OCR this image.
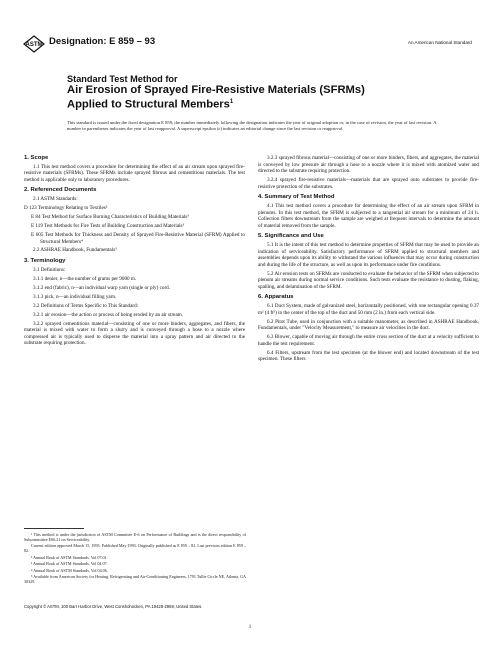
ASTM Designation: E 859 – 93	An American National Standard
Standard Test Method for
Air Erosion of Sprayed Fire-Resistive Materials (SFRMs)
Applied to Structural Members$^1$
This standard is issued under the fixed designation E 859; the number immediately following the designation indicates the year of original adoption or, in the case of revision, the year of last revision. A number in parentheses indicates the year of last reapproval. A superscript epsilon (ε) indicates an editorial change since the last revision or reapproval.
1. Scope

1.1 This test method covers a procedure for determining the effect of an air stream upon sprayed fire-resistive materials (SFRMs). These SFRMs include sprayed fibrous and cementitious materials. The test method is applicable only to laboratory procedures.

2. Referenced Documents

2.1 ASTM Standards:

D 123 Terminology Relating to Textiles²

E 84 Test Method for Surface Burning Characteristics of Building Materials³

E 119 Test Methods for Fire Tests of Building Construction and Materials³

E 605 Test Methods for Thickness and Density of Sprayed Fire-Resistive Material (SFRM) Applied to Structural Members⁴

2.2 ASHRAE Handbook, Fundamentals⁵

3. Terminology

3.1 Definitions:

3.1.1 denier, n—the number of grams per 9000 m.

3.1.2 end (fabric), n—an individual warp yarn (single or ply) cord.

3.1.3 pick, n—an individual filling yarn.

3.2 Definitions of Terms Specific to This Standard:

3.2.1 air erosion—the action or process of being eroded by an air stream.

3.2.2 sprayed cementitious material—consisting of one or more binders, aggregates, and fibers, the material is mixed with water to form a slurry and is conveyed through a hose to a nozzle where compressed air is typically used to disperse the material into a spray pattern and air directed to the substrate requiring protection.

3.2.3 sprayed fibrous material—consisting of one or more binders, fibers, and aggregates, the material is conveyed by low pressure air through a hose to a nozzle where it is mixed with atomized water and directed to the substrate requiring protection.

3.2.4 sprayed fire-resistive materials—materials that are sprayed onto substrates to provide fire-resistive protection of the substrates.

4. Summary of Test Method

4.1 This test method covers a procedure for determining the effect of an air stream upon SFRM in plenums. In this test method, the SFRM is subjected to a tangential air stream for a minimum of 24 h. Collection filters downstream from the sample are weighed at frequent intervals to determine the amount of material removed from the sample.

5. Significance and Use

5.1 It is the intent of this test method to determine properties of SFRM that may be used to provide an indication of serviceability. Satisfactory performance of SFRM applied to structural members and assemblies depends upon its ability to withstand the various influences that may occur during construction and during the life of the structure, as well as upon its performance under fire conditions.

5.2 Air erosion tests on SFRMs are conducted to evaluate the behavior of the SFRM when subjected to plenum air streams during normal service conditions. Such tests evaluate the resistance to dusting, flaking, spalling, and delamination of the SFRM.

6. Apparatus

6.1 Duct System, made of galvanized steel, horizontally positioned, with one rectangular opening 0.37 m² (4 ft²) in the center of the top of the duct and 50 mm (2 in.) from each vertical side.

6.2 Pitot Tube, used in conjunction with a suitable manometer, as described in ASHRAE Handbook, Fundamentals, under "Velocity Measurement," to measure air velocities in the duct.

6.3 Blower, capable of moving air through the entire cross section of the duct at a velocity sufficient to handle the test requirement.

6.4 Filters, upstream from the test specimen (at the blower end) and located downstream of the test specimen. These filters

¹ This method is under the jurisdiction of ASTM Committee E-6 on Performance of Buildings and is the direct responsibility of Subcommittee E06.21 on Serviceability.

Current edition approved March 15, 1993. Published May 1993. Originally published as E 859 – 82. Last previous edition E 859 – 82.

² Annual Book of ASTM Standards, Vol 07.01.

³ Annual Book of ASTM Standards, Vol 04.07.

⁴ Annual Book of ASTM Standards, Vol 04.06.

⁵ Available from American Society for Heating, Refrigerating and Air-Conditioning Engineers, 1791 Tullie Circle NE, Atlanta, GA 30329.

Copyright © ASTM, 100 Barr Harbor Drive, West Conshohocken, PA 19428-2959, United States.
1
